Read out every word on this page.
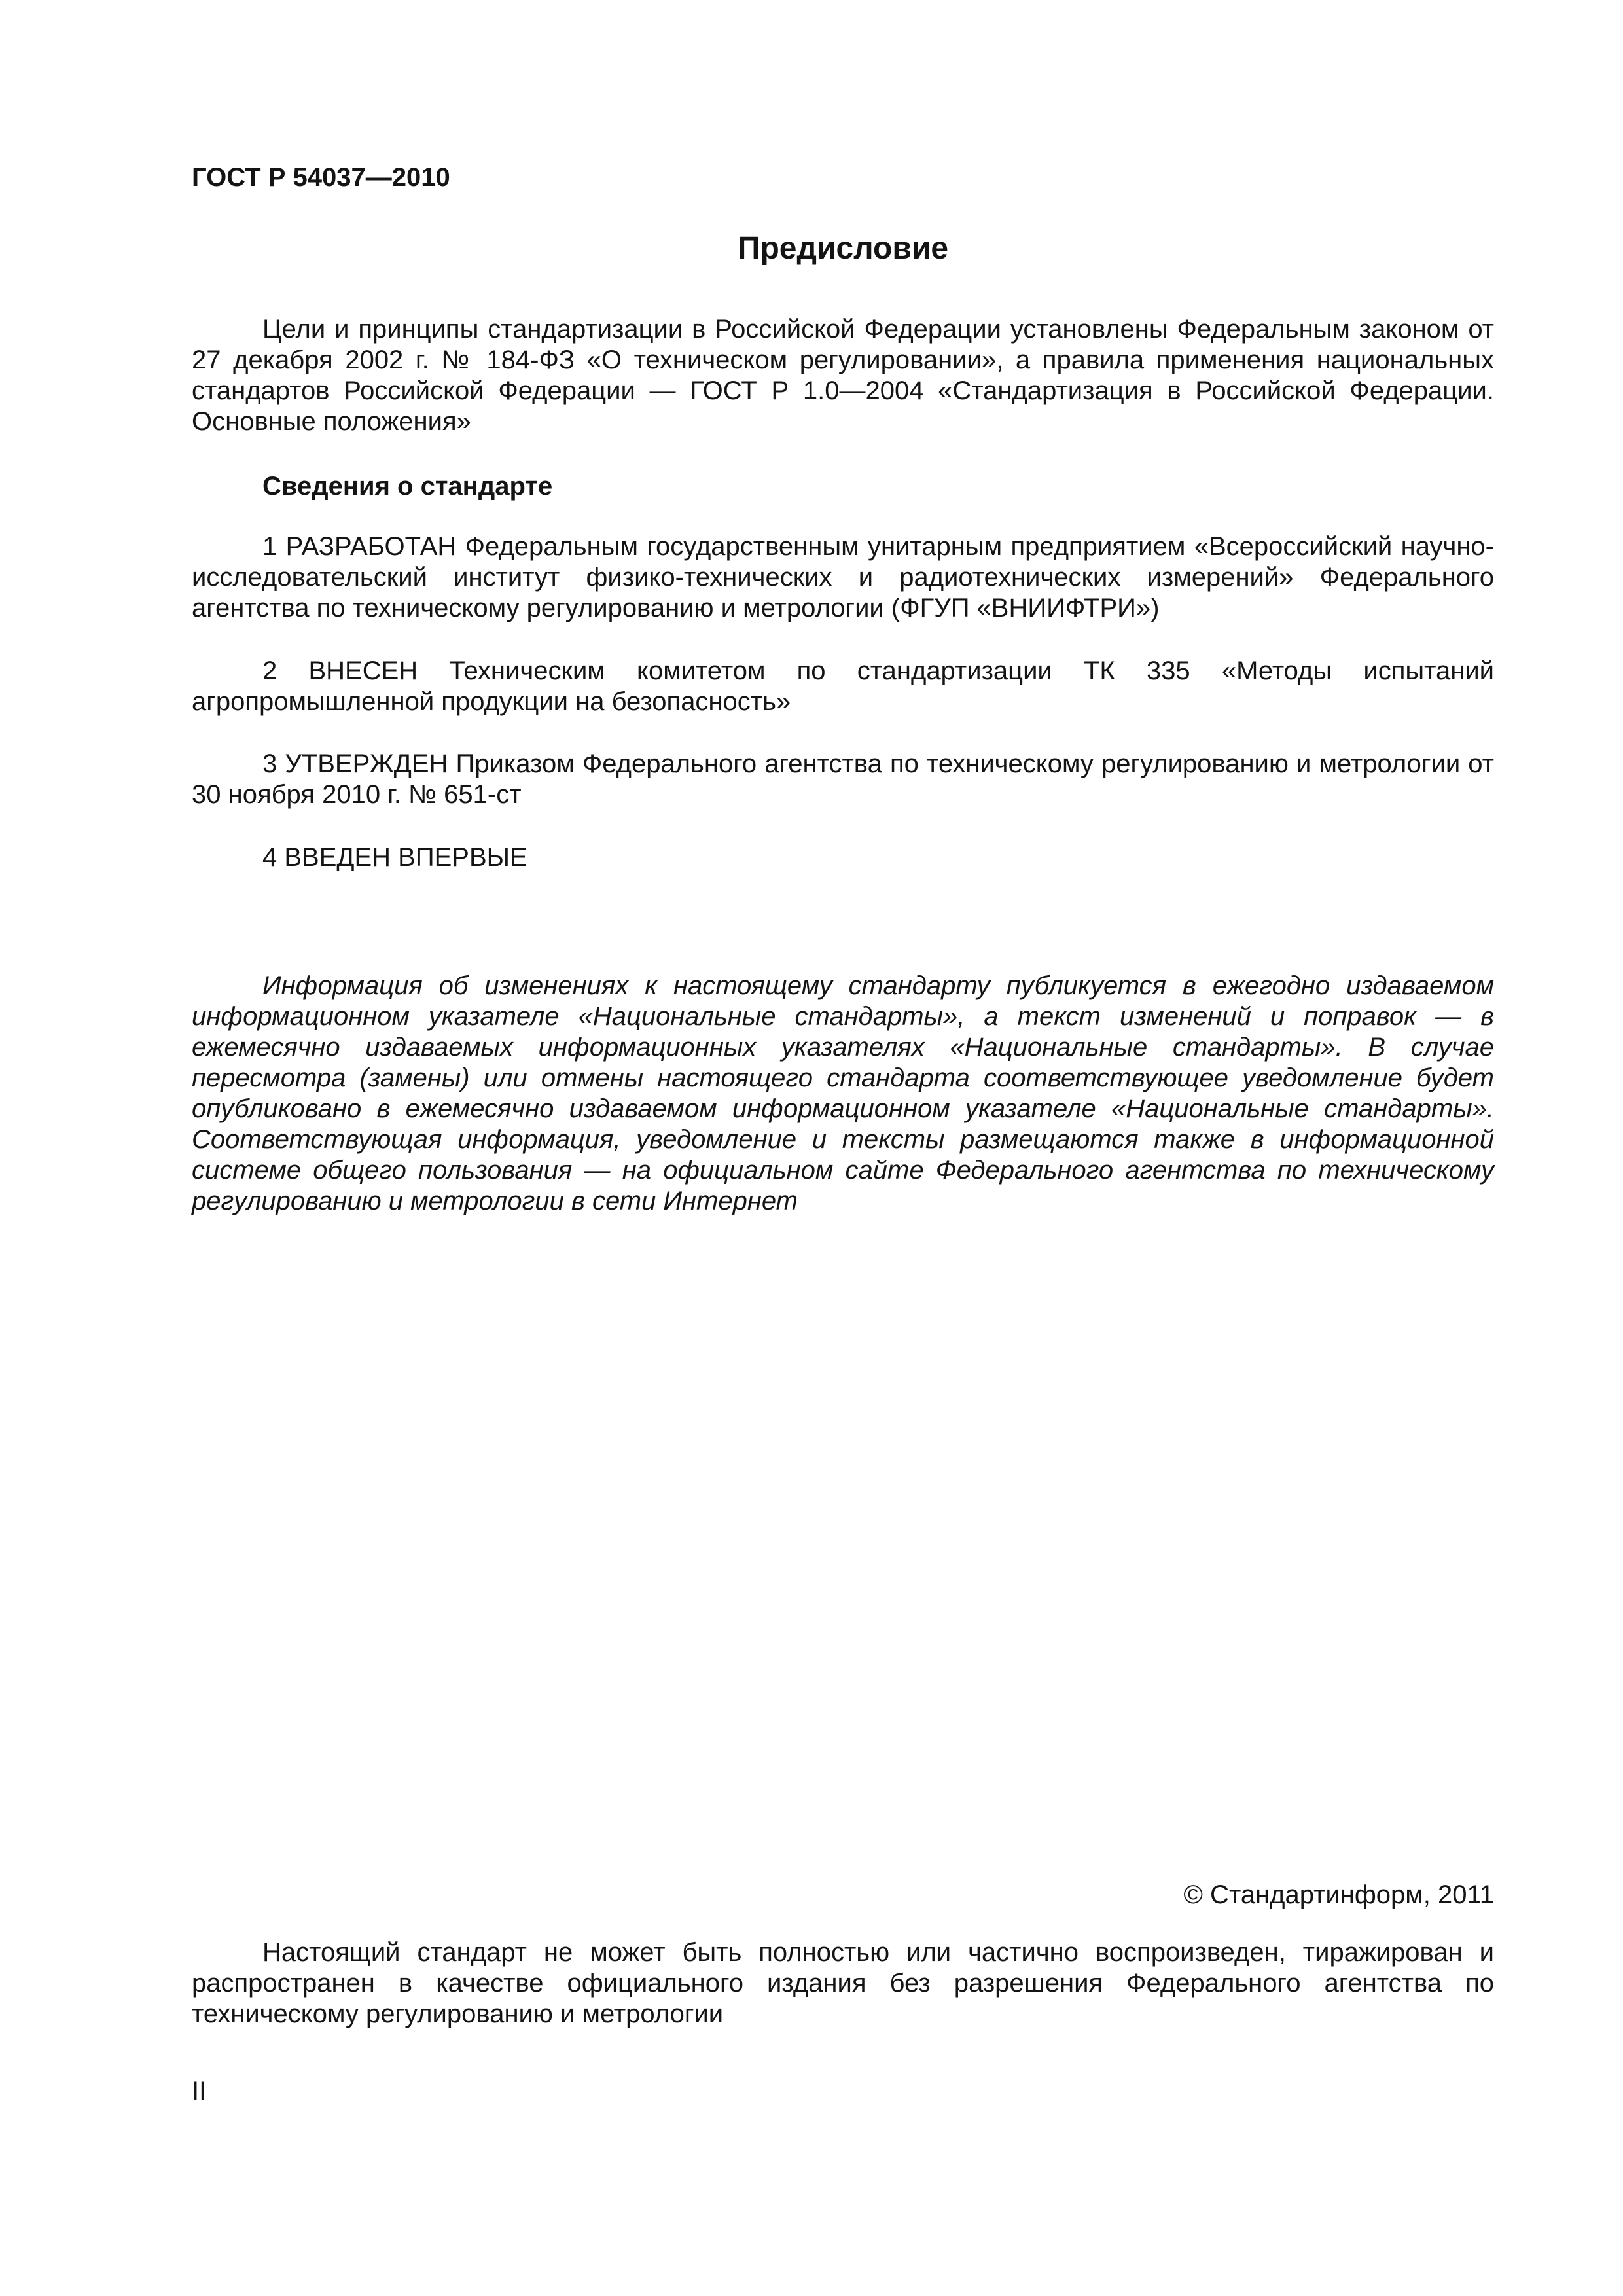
ГОСТ Р 54037—2010

Предисловие

Цели и принципы стандартизации в Российской Федерации установлены Федеральным законом от 27 декабря 2002 г. № 184-ФЗ «О техническом регулировании», а правила применения национальных стандартов Российской Федерации — ГОСТ Р 1.0—2004 «Стандартизация в Российской Федерации. Основные положения»

Сведения о стандарте

1 РАЗРАБОТАН Федеральным государственным унитарным предприятием «Всероссийский научно-исследовательский институт физико-технических и радиотехнических измерений» Федерального агентства по техническому регулированию и метрологии (ФГУП «ВНИИФТРИ»)

2 ВНЕСЕН Техническим комитетом по стандартизации ТК 335 «Методы испытаний агропромышленной продукции на безопасность»

3 УТВЕРЖДЕН Приказом Федерального агентства по техническому регулированию и метрологии от 30 ноября 2010 г. № 651-ст

4 ВВЕДЕН ВПЕРВЫЕ

Информация об изменениях к настоящему стандарту публикуется в ежегодно издаваемом информационном указателе «Национальные стандарты», а текст изменений и поправок — в ежемесячно издаваемых информационных указателях «Национальные стандарты». В случае пересмотра (замены) или отмены настоящего стандарта соответствующее уведомление будет опубликовано в ежемесячно издаваемом информационном указателе «Национальные стандарты». Соответствующая информация, уведомление и тексты размещаются также в информационной системе общего пользования — на официальном сайте Федерального агентства по техническому регулированию и метрологии в сети Интернет

© Стандартинформ, 2011

Настоящий стандарт не может быть полностью или частично воспроизведен, тиражирован и распространен в качестве официального издания без разрешения Федерального агентства по техническому регулированию и метрологии

II
